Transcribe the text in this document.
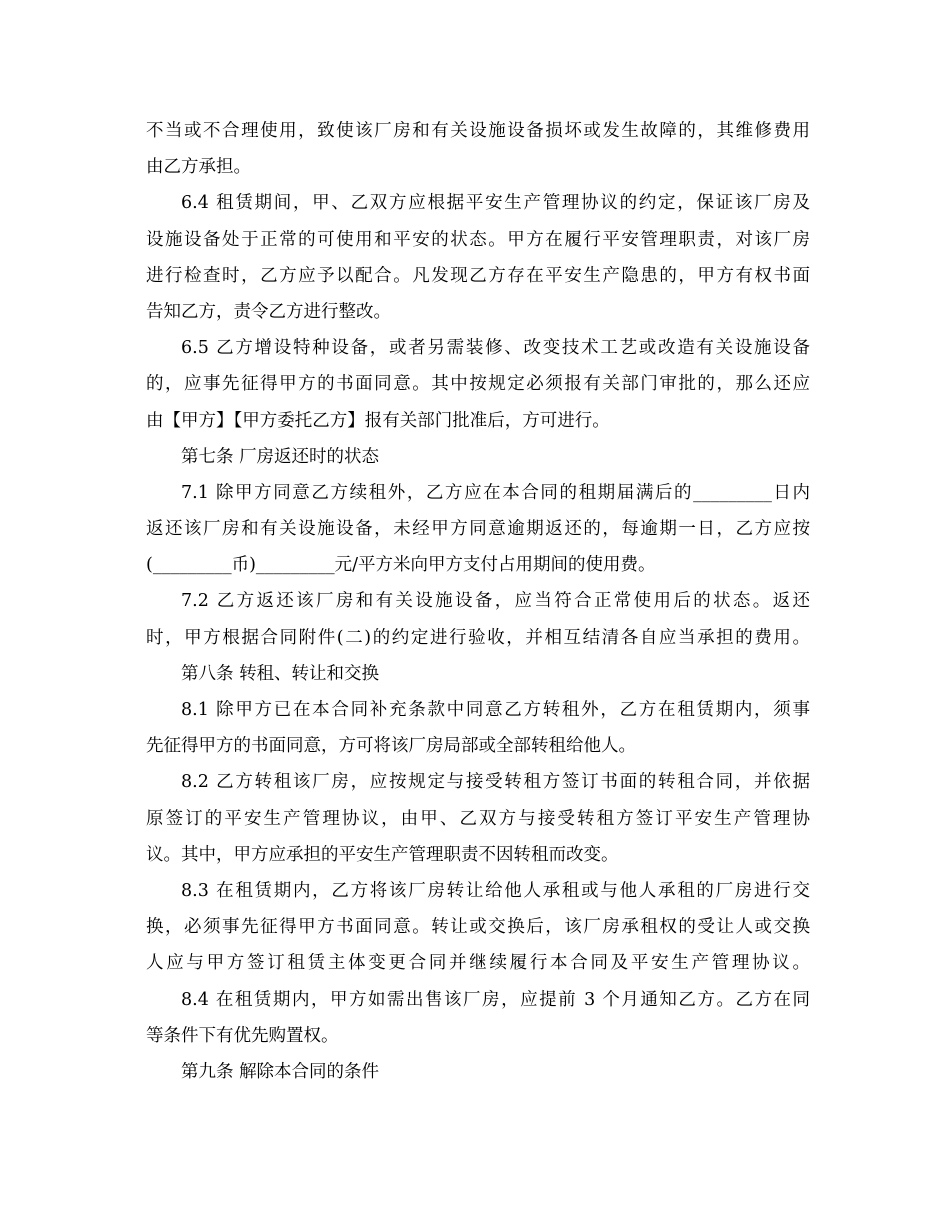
不当或不合理使用，致使该厂房和有关设施设备损坏或发生故障的，其维修费用
由乙方承担。
6.4 租赁期间，甲、乙双方应根据平安生产管理协议的约定，保证该厂房及
设施设备处于正常的可使用和平安的状态。甲方在履行平安管理职责，对该厂房
进行检查时，乙方应予以配合。凡发现乙方存在平安生产隐患的，甲方有权书面
告知乙方，责令乙方进行整改。
6.5 乙方增设特种设备，或者另需装修、改变技术工艺或改造有关设施设备
的，应事先征得甲方的书面同意。其中按规定必须报有关部门审批的，那么还应
由【甲方】【甲方委托乙方】报有关部门批准后，方可进行。
第七条 厂房返还时的状态
7.1 除甲方同意乙方续租外，乙方应在本合同的租期届满后的_________日内
返还该厂房和有关设施设备，未经甲方同意逾期返还的，每逾期一日，乙方应按
(_________币)_________元/平方米向甲方支付占用期间的使用费。
7.2 乙方返还该厂房和有关设施设备，应当符合正常使用后的状态。返还
时，甲方根据合同附件(二)的约定进行验收，并相互结清各自应当承担的费用。
第八条 转租、转让和交换
8.1 除甲方已在本合同补充条款中同意乙方转租外，乙方在租赁期内，须事
先征得甲方的书面同意，方可将该厂房局部或全部转租给他人。
8.2 乙方转租该厂房，应按规定与接受转租方签订书面的转租合同，并依据
原签订的平安生产管理协议，由甲、乙双方与接受转租方签订平安生产管理协
议。其中，甲方应承担的平安生产管理职责不因转租而改变。
8.3 在租赁期内，乙方将该厂房转让给他人承租或与他人承租的厂房进行交
换，必须事先征得甲方书面同意。转让或交换后，该厂房承租权的受让人或交换
人应与甲方签订租赁主体变更合同并继续履行本合同及平安生产管理协议。
8.4 在租赁期内，甲方如需出售该厂房，应提前 3 个月通知乙方。乙方在同
等条件下有优先购置权。
第九条 解除本合同的条件
